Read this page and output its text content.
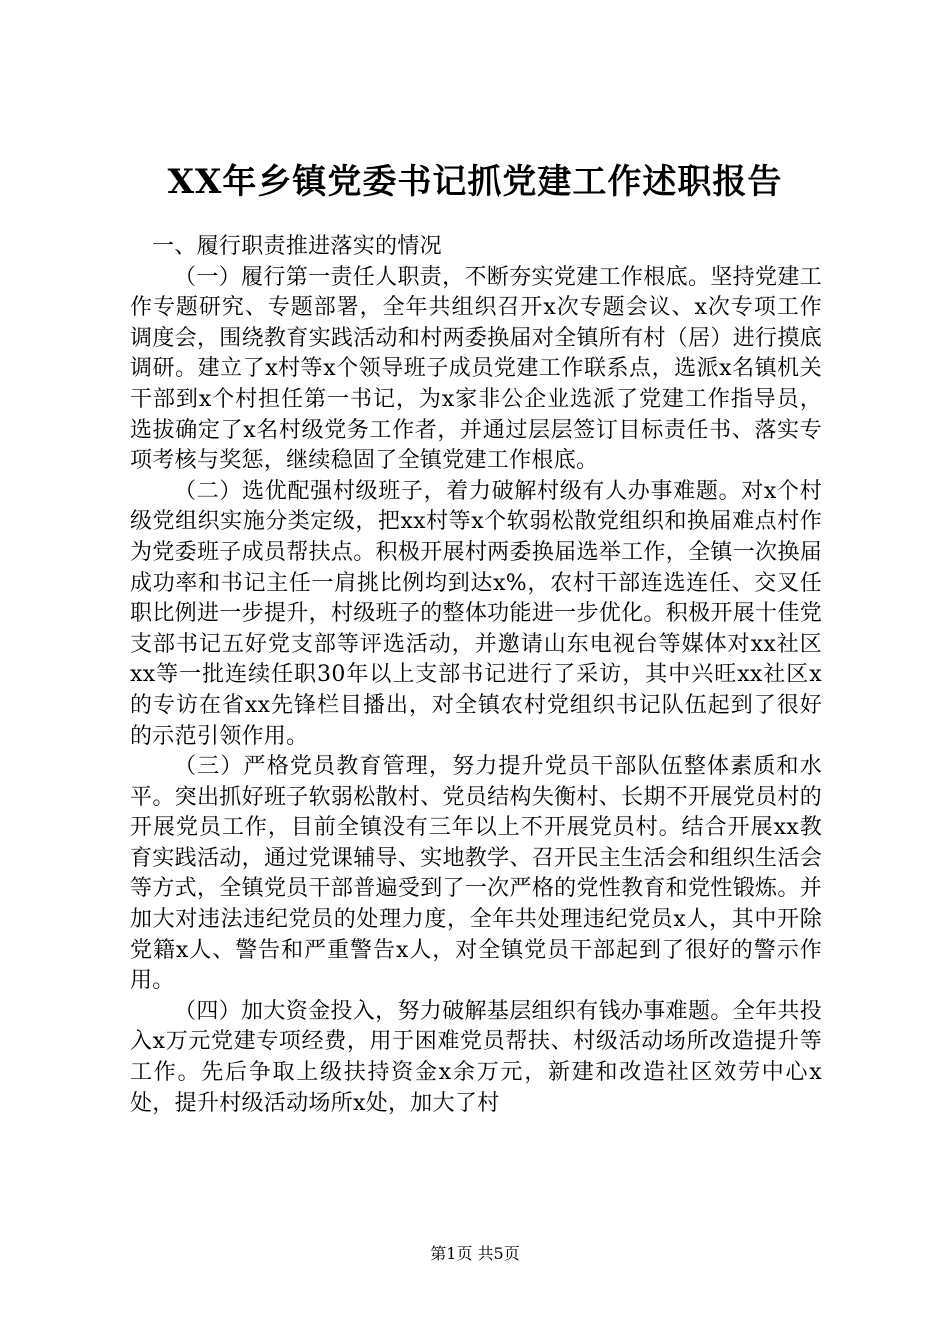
XX年乡镇党委书记抓党建工作述职报告
一、履行职责推进落实的情况

（一）履行第一责任人职责，不断夯实党建工作根底。坚持党建工作专题研究、专题部署，全年共组织召开x次专题会议、x次专项工作调度会，围绕教育实践活动和村两委换届对全镇所有村（居）进行摸底调研。建立了x村等x个领导班子成员党建工作联系点，选派x名镇机关干部到x个村担任第一书记，为x家非公企业选派了党建工作指导员，选拔确定了x名村级党务工作者，并通过层层签订目标责任书、落实专项考核与奖惩，继续稳固了全镇党建工作根底。

（二）选优配强村级班子，着力破解村级有人办事难题。对x个村级党组织实施分类定级，把xx村等x个软弱松散党组织和换届难点村作为党委班子成员帮扶点。积极开展村两委换届选举工作，全镇一次换届成功率和书记主任一肩挑比例均到达x%，农村干部连选连任、交叉任职比例进一步提升，村级班子的整体功能进一步优化。积极开展十佳党支部书记五好党支部等评选活动，并邀请山东电视台等媒体对xx社区xx等一批连续任职30年以上支部书记进行了采访，其中兴旺xx社区x的专访在省xx先锋栏目播出，对全镇农村党组织书记队伍起到了很好的示范引领作用。

（三）严格党员教育管理，努力提升党员干部队伍整体素质和水平。突出抓好班子软弱松散村、党员结构失衡村、长期不开展党员村的开展党员工作，目前全镇没有三年以上不开展党员村。结合开展xx教育实践活动，通过党课辅导、实地教学、召开民主生活会和组织生活会等方式，全镇党员干部普遍受到了一次严格的党性教育和党性锻炼。并加大对违法违纪党员的处理力度，全年共处理违纪党员x人，其中开除党籍x人、警告和严重警告x人，对全镇党员干部起到了很好的警示作用。

（四）加大资金投入，努力破解基层组织有钱办事难题。全年共投入x万元党建专项经费，用于困难党员帮扶、村级活动场所改造提升等工作。先后争取上级扶持资金x余万元，新建和改造社区效劳中心x处，提升村级活动场所x处，加大了村

第1页 共5页
